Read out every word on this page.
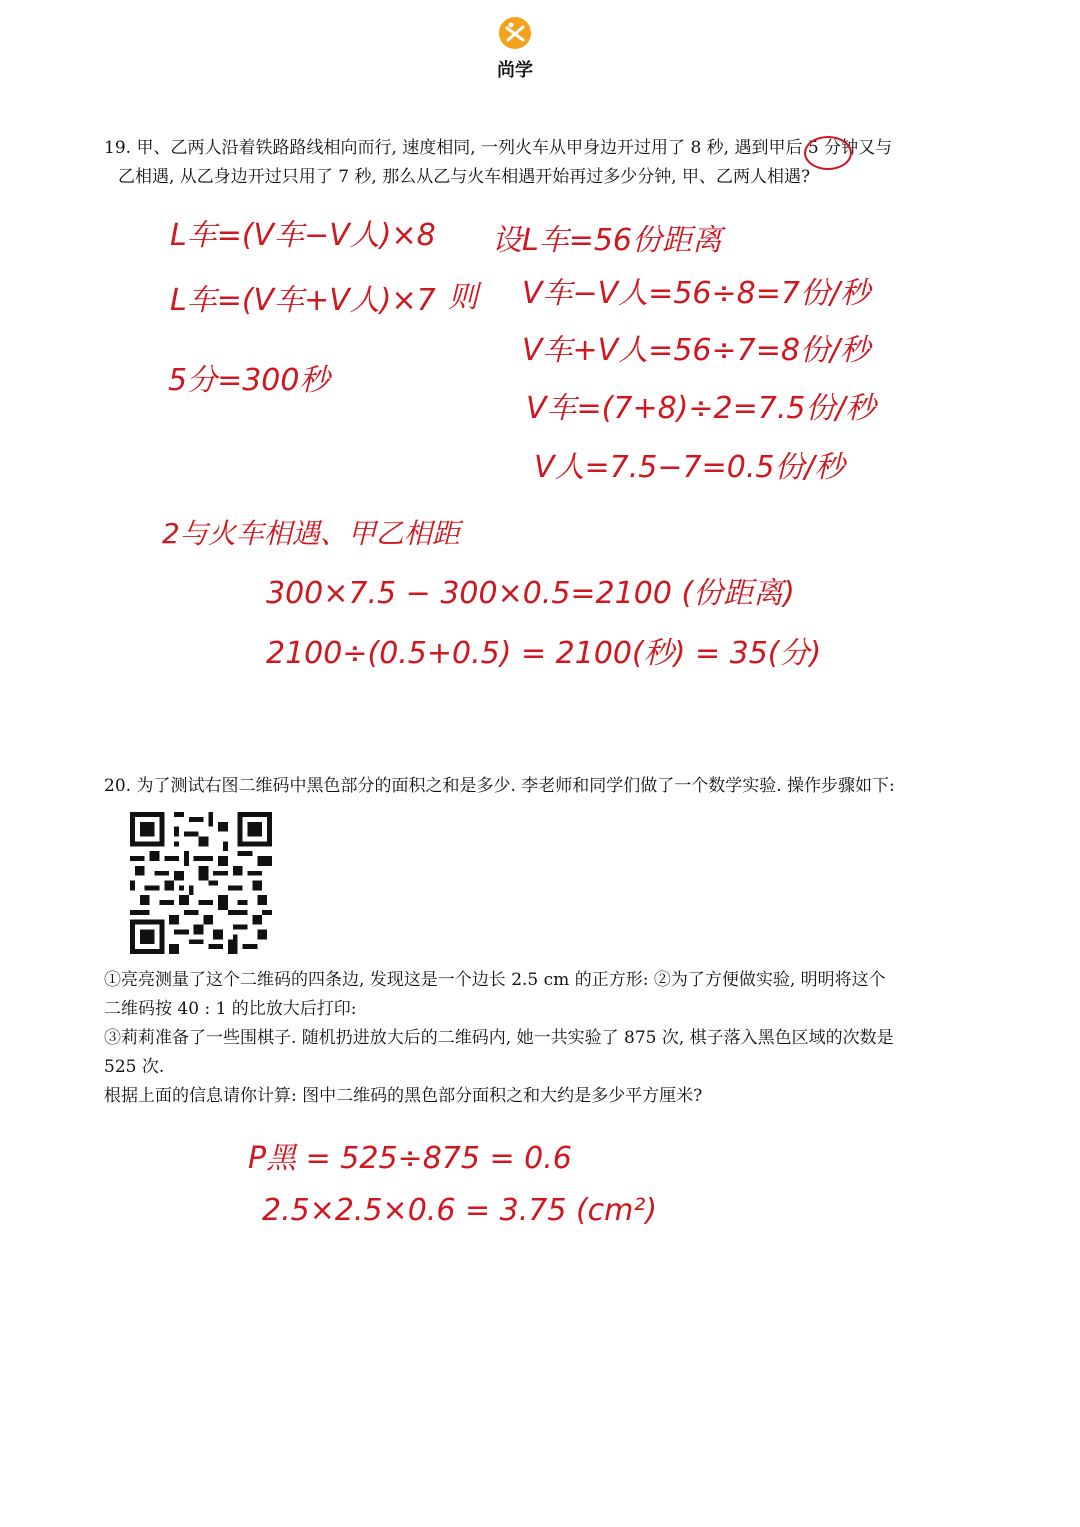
尚学

19. 甲、乙两人沿着铁路路线相向而行, 速度相同, 一列火车从甲身边开过用了 8 秒, 遇到甲后 5 分钟又与

乙相遇, 从乙身边开过只用了 7 秒, 那么从乙与火车相遇开始再过多少分钟, 甲、乙两人相遇?

L车=(V车−V人)×8
L车=(V车+V人)×7 则
5分=300秒
设L车=56份距离
V车−V人=56÷8=7份/秒
V车+V人=56÷7=8份/秒
V车=(7+8)÷2=7.5份/秒
V人=7.5−7=0.5份/秒
2与火车相遇、甲乙相距
300×7.5 − 300×0.5=2100 (份距离)
2100÷(0.5+0.5) = 2100(秒) = 35(分)

20. 为了测试右图二维码中黑色部分的面积之和是多少. 李老师和同学们做了一个数学实验. 操作步骤如下:

①亮亮测量了这个二维码的四条边, 发现这是一个边长 2.5 cm 的正方形: ②为了方便做实验, 明明将这个

二维码按 40 : 1 的比放大后打印:

③莉莉准备了一些围棋子. 随机扔进放大后的二维码内, 她一共实验了 875 次, 棋子落入黑色区域的次数是

525 次.

根据上面的信息请你计算: 图中二维码的黑色部分面积之和大约是多少平方厘米?

P黑 = 525÷875 = 0.6
2.5×2.5×0.6 = 3.75 (cm²)
